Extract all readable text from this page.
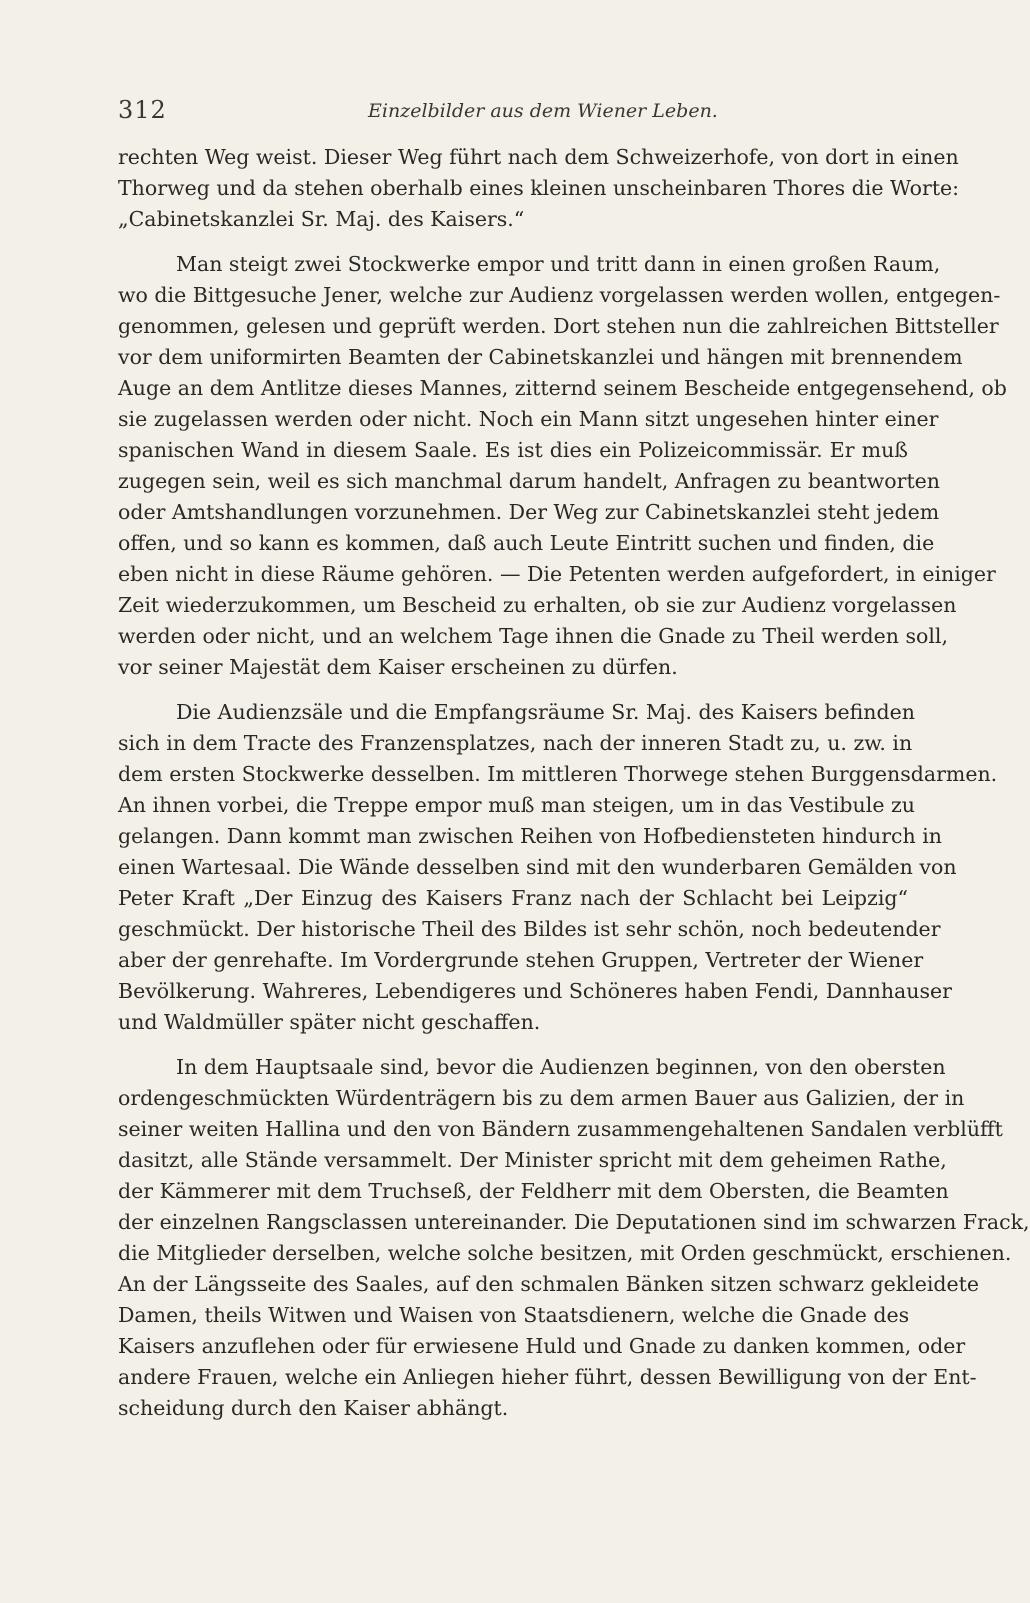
312	Einzelbilder aus dem Wiener Leben.
rechten Weg weist. Dieser Weg führt nach dem Schweizerhofe, von dort in einen
Thorweg und da stehen oberhalb eines kleinen unscheinbaren Thores die Worte:
„Cabinetskanzlei Sr. Maj. des Kaisers.“
Man steigt zwei Stockwerke empor und tritt dann in einen großen Raum,
wo die Bittgesuche Jener, welche zur Audienz vorgelassen werden wollen, entgegen-
genommen, gelesen und geprüft werden. Dort stehen nun die zahlreichen Bittsteller
vor dem uniformirten Beamten der Cabinetskanzlei und hängen mit brennendem
Auge an dem Antlitze dieses Mannes, zitternd seinem Bescheide entgegensehend, ob
sie zugelassen werden oder nicht. Noch ein Mann sitzt ungesehen hinter einer
spanischen Wand in diesem Saale. Es ist dies ein Polizeicommissär. Er muß
zugegen sein, weil es sich manchmal darum handelt, Anfragen zu beantworten
oder Amtshandlungen vorzunehmen. Der Weg zur Cabinetskanzlei steht jedem
offen, und so kann es kommen, daß auch Leute Eintritt suchen und finden, die
eben nicht in diese Räume gehören. — Die Petenten werden aufgefordert, in einiger
Zeit wiederzukommen, um Bescheid zu erhalten, ob sie zur Audienz vorgelassen
werden oder nicht, und an welchem Tage ihnen die Gnade zu Theil werden soll,
vor seiner Majestät dem Kaiser erscheinen zu dürfen.
Die Audienzsäle und die Empfangsräume Sr. Maj. des Kaisers befinden
sich in dem Tracte des Franzensplatzes, nach der inneren Stadt zu, u. zw. in
dem ersten Stockwerke desselben. Im mittleren Thorwege stehen Burggensdarmen.
An ihnen vorbei, die Treppe empor muß man steigen, um in das Vestibule zu
gelangen. Dann kommt man zwischen Reihen von Hofbediensteten hindurch in
einen Wartesaal. Die Wände desselben sind mit den wunderbaren Gemälden von
Peter Kraft „Der Einzug des Kaisers Franz nach der Schlacht bei Leipzig“
geschmückt. Der historische Theil des Bildes ist sehr schön, noch bedeutender
aber der genrehafte. Im Vordergrunde stehen Gruppen, Vertreter der Wiener
Bevölkerung. Wahreres, Lebendigeres und Schöneres haben Fendi, Dannhauser
und Waldmüller später nicht geschaffen.
In dem Hauptsaale sind, bevor die Audienzen beginnen, von den obersten
ordengeschmückten Würdenträgern bis zu dem armen Bauer aus Galizien, der in
seiner weiten Hallina und den von Bändern zusammengehaltenen Sandalen verblüfft
dasitzt, alle Stände versammelt. Der Minister spricht mit dem geheimen Rathe,
der Kämmerer mit dem Truchseß, der Feldherr mit dem Obersten, die Beamten
der einzelnen Rangsclassen untereinander. Die Deputationen sind im schwarzen Frack,
die Mitglieder derselben, welche solche besitzen, mit Orden geschmückt, erschienen.
An der Längsseite des Saales, auf den schmalen Bänken sitzen schwarz gekleidete
Damen, theils Witwen und Waisen von Staatsdienern, welche die Gnade des
Kaisers anzuflehen oder für erwiesene Huld und Gnade zu danken kommen, oder
andere Frauen, welche ein Anliegen hieher führt, dessen Bewilligung von der Ent-
scheidung durch den Kaiser abhängt.
